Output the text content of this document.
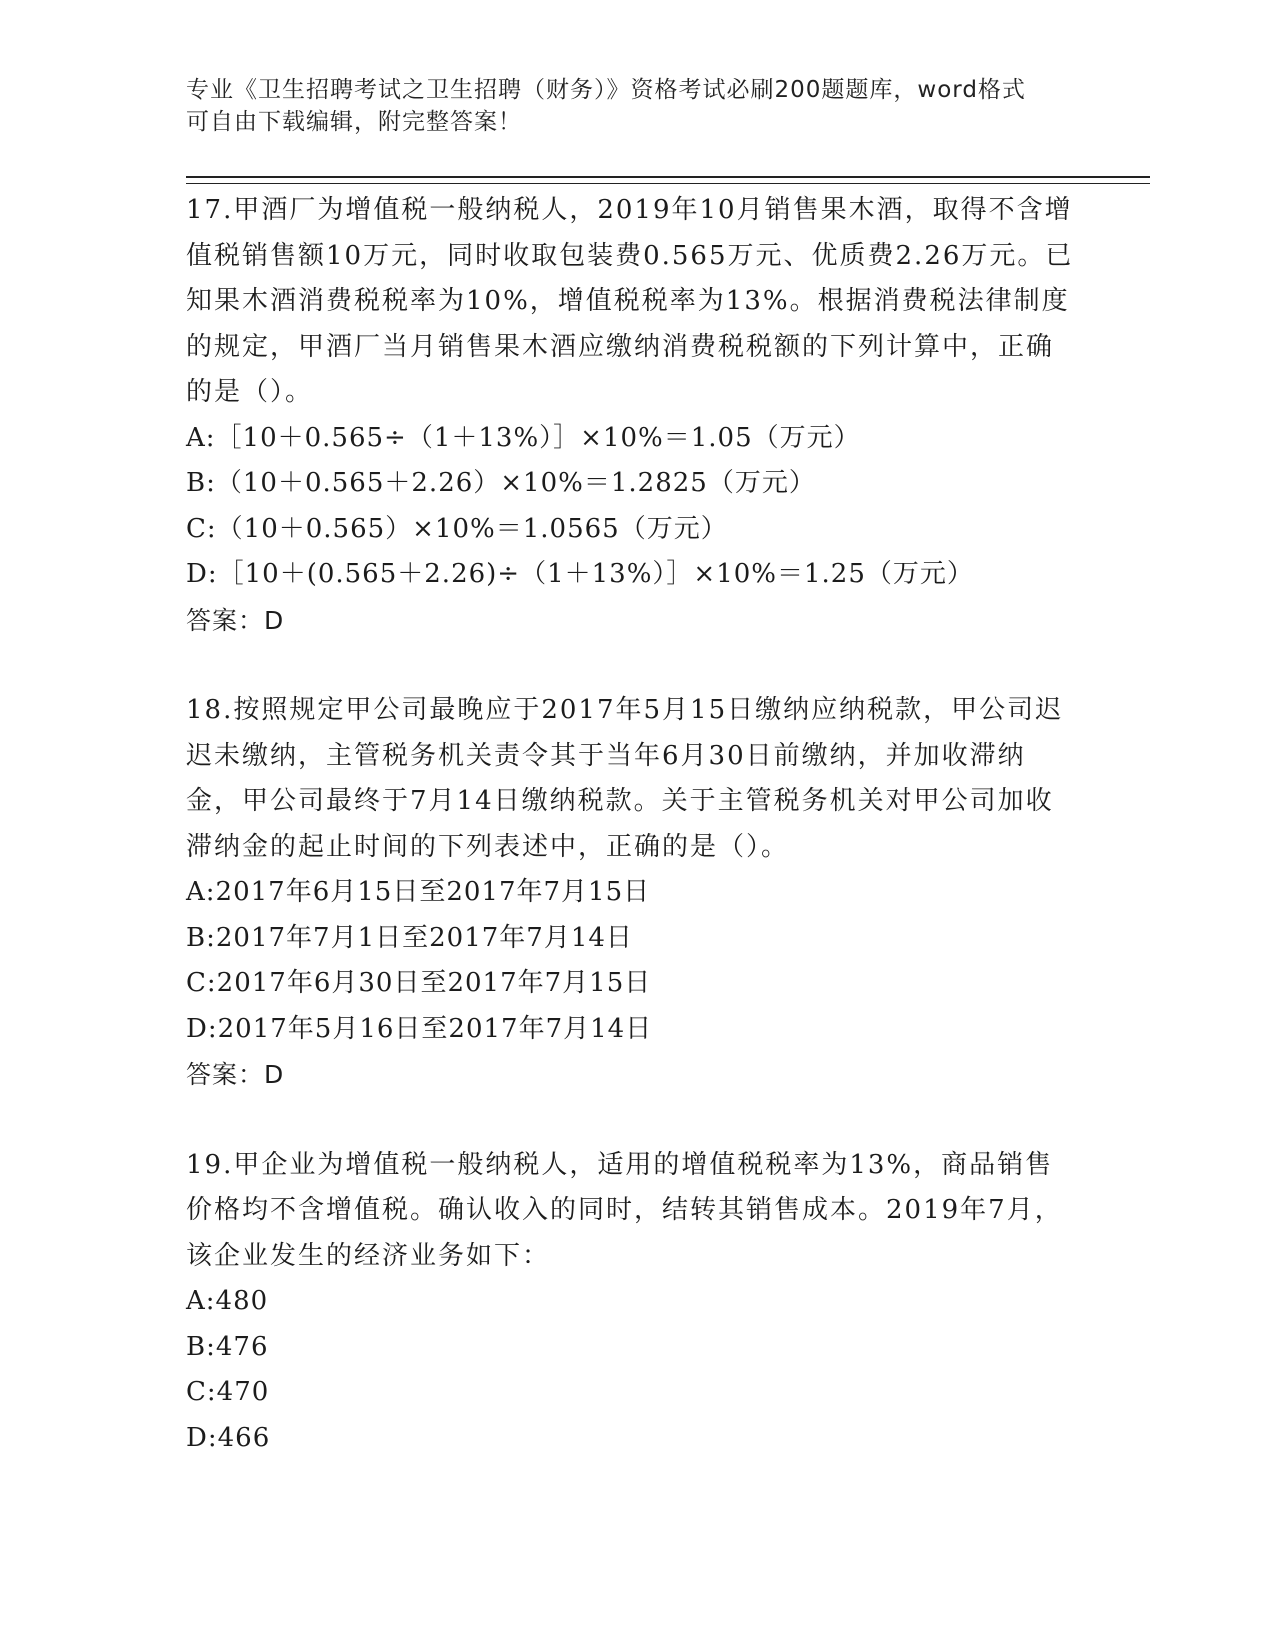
专业《卫生招聘考试之卫生招聘（财务）》资格考试必刷200题题库，word格式
可自由下载编辑，附完整答案！

17.甲酒厂为增值税一般纳税人，2019年10月销售果木酒，取得不含增值税销售额10万元，同时收取包装费0.565万元、优质费2.26万元。已知果木酒消费税税率为10%，增值税税率为13%。根据消费税法律制度的规定，甲酒厂当月销售果木酒应缴纳消费税税额的下列计算中，正确的是（）。

A:［10＋0.565÷（1＋13%）］×10%＝1.05（万元）

B:（10＋0.565＋2.26）×10%＝1.2825（万元）

C:（10＋0.565）×10%＝1.0565（万元）

D:［10＋(0.565＋2.26)÷（1＋13%）］×10%＝1.25（万元）

答案：D

18.按照规定甲公司最晚应于2017年5月15日缴纳应纳税款，甲公司迟迟未缴纳，主管税务机关责令其于当年6月30日前缴纳，并加收滞纳金，甲公司最终于7月14日缴纳税款。关于主管税务机关对甲公司加收滞纳金的起止时间的下列表述中，正确的是（）。

A:2017年6月15日至2017年7月15日

B:2017年7月1日至2017年7月14日

C:2017年6月30日至2017年7月15日

D:2017年5月16日至2017年7月14日

答案：D

19.甲企业为增值税一般纳税人，适用的增值税税率为13%，商品销售价格均不含增值税。确认收入的同时，结转其销售成本。2019年7月，该企业发生的经济业务如下：

A:480

B:476

C:470

D:466
